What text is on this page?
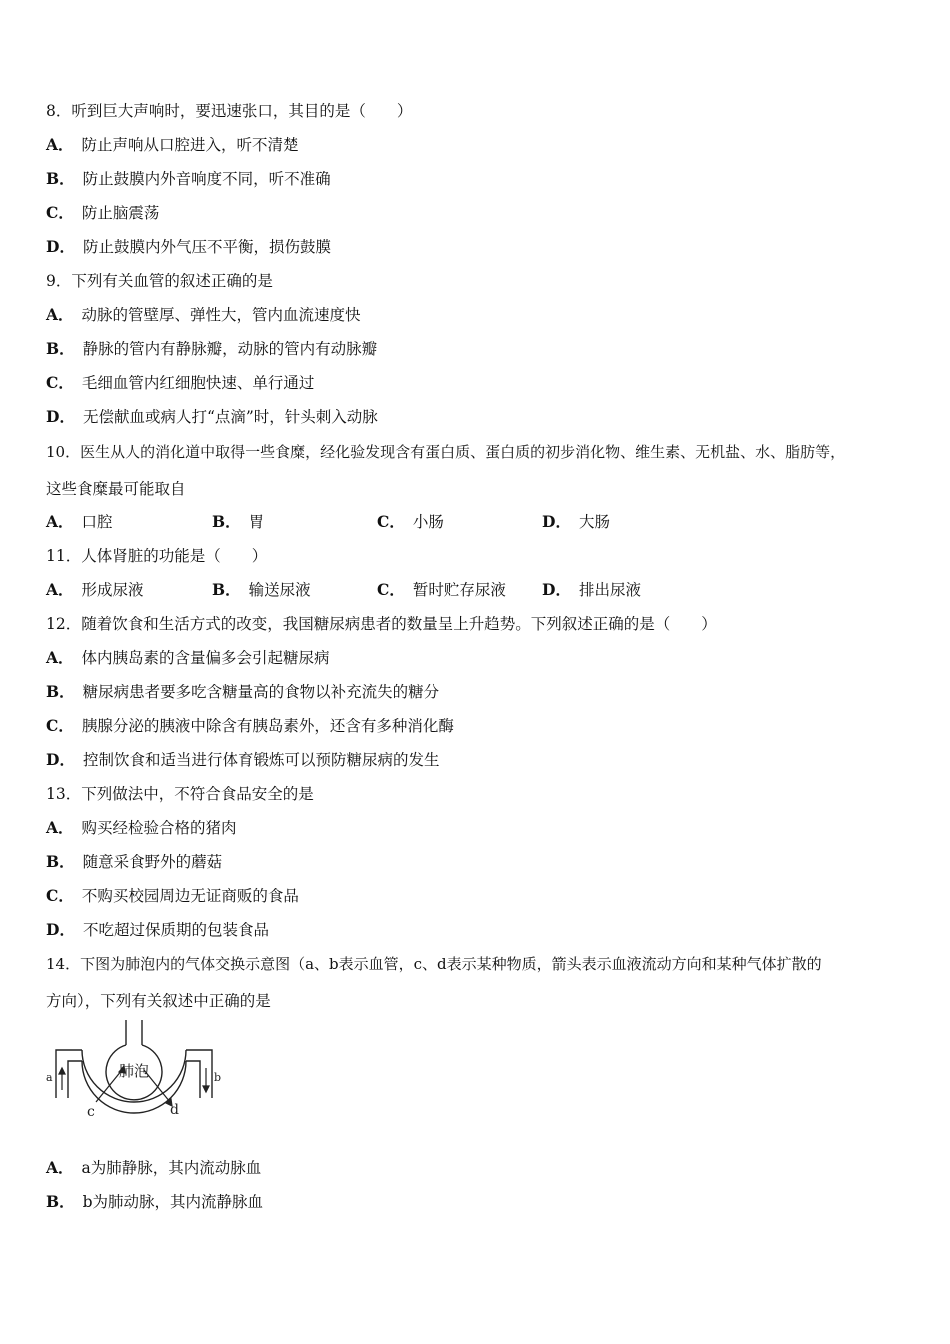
8．听到巨大声响时，要迅速张口，其目的是（　　）
A． 防止声响从口腔进入，听不清楚
B． 防止鼓膜内外音响度不同，听不准确
C． 防止脑震荡
D． 防止鼓膜内外气压不平衡，损伤鼓膜
9．下列有关血管的叙述正确的是
A． 动脉的管壁厚、弹性大，管内血流速度快
B． 静脉的管内有静脉瓣，动脉的管内有动脉瓣
C． 毛细血管内红细胞快速、单行通过
D． 无偿献血或病人打“点滴”时，针头刺入动脉
10．医生从人的消化道中取得一些食糜，经化验发现含有蛋白质、蛋白质的初步消化物、维生素、无机盐、水、脂肪等，
这些食糜最可能取自
A． 口腔	B． 胃	C． 小肠	D． 大肠
11．人体肾脏的功能是（　　）
A． 形成尿液	B． 输送尿液	C． 暂时贮存尿液 D． 排出尿液
12．随着饮食和生活方式的改变，我国糖尿病患者的数量呈上升趋势。下列叙述正确的是（　　）
A． 体内胰岛素的含量偏多会引起糖尿病
B． 糖尿病患者要多吃含糖量高的食物以补充流失的糖分
C． 胰腺分泌的胰液中除含有胰岛素外，还含有多种消化酶
D． 控制饮食和适当进行体育锻炼可以预防糖尿病的发生
13．下列做法中，不符合食品安全的是
A． 购买经检验合格的猪肉
B． 随意采食野外的蘑菇
C． 不购买校园周边无证商贩的食品
D． 不吃超过保质期的包装食品
14．下图为肺泡内的气体交换示意图（a、b表示血管，c、d表示某种物质，箭头表示血液流动方向和某种气体扩散的
方向），下列有关叙述中正确的是
肺泡
a	b
c	d
A． a为肺静脉，其内流动脉血
B． b为肺动脉，其内流静脉血
